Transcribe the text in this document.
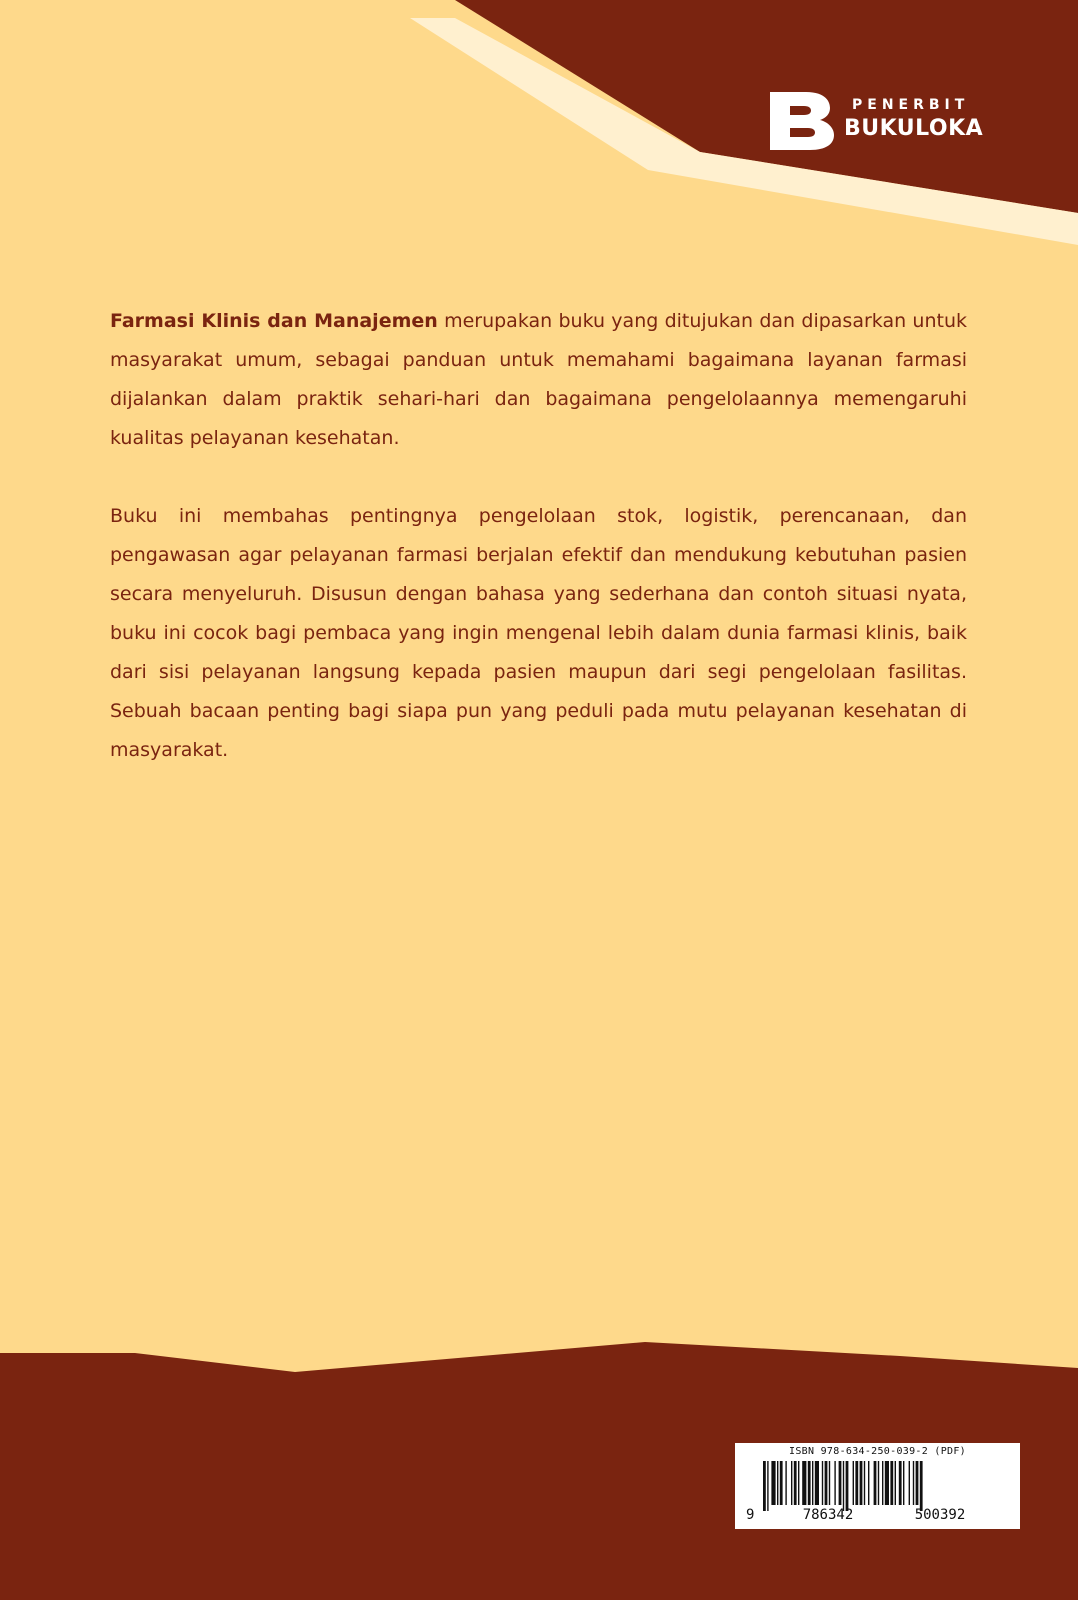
PENERBIT
BUKULOKA

Farmasi Klinis dan Manajemen merupakan buku yang ditujukan dan dipasarkan untuk masyarakat umum, sebagai panduan untuk memahami bagaimana layanan farmasi dijalankan dalam praktik sehari-hari dan bagaimana pengelolaannya memengaruhi kualitas pelayanan kesehatan.

Buku ini membahas pentingnya pengelolaan stok, logistik, perencanaan, dan pengawasan agar pelayanan farmasi berjalan efektif dan mendukung kebutuhan pasien secara menyeluruh. Disusun dengan bahasa yang sederhana dan contoh situasi nyata, buku ini cocok bagi pembaca yang ingin mengenal lebih dalam dunia farmasi klinis, baik dari sisi pelayanan langsung kepada pasien maupun dari segi pengelolaan fasilitas. Sebuah bacaan penting bagi siapa pun yang peduli pada mutu pelayanan kesehatan di masyarakat.

ISBN 978-634-250-039-2 (PDF)
9	786342	500392
